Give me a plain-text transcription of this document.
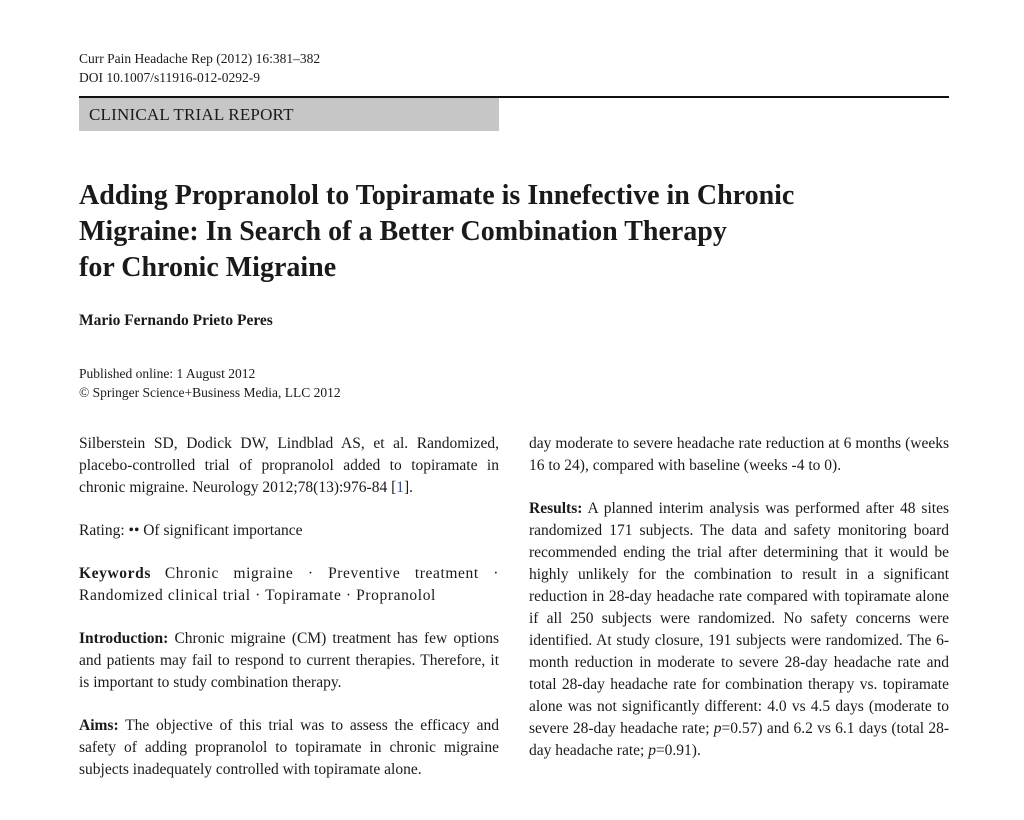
Curr Pain Headache Rep (2012) 16:381–382
DOI 10.1007/s11916-012-0292-9
CLINICAL TRIAL REPORT
Adding Propranolol to Topiramate is Innefective in Chronic
Migraine: In Search of a Better Combination Therapy
for Chronic Migraine
Mario Fernando Prieto Peres
Published online: 1 August 2012
© Springer Science+Business Media, LLC 2012

Silberstein SD, Dodick DW, Lindblad AS, et al. Randomized, placebo-controlled trial of propranolol added to topiramate in chronic migraine. Neurology 2012;78(13):976-84 [1].

Rating: •• Of significant importance

Keywords Chronic migraine · Preventive treatment · Randomized clinical trial · Topiramate · Propranolol

Introduction: Chronic migraine (CM) treatment has few options and patients may fail to respond to current therapies. Therefore, it is important to study combination therapy.

Aims: The objective of this trial was to assess the efficacy and safety of adding propranolol to topiramate in chronic migraine subjects inadequately controlled with topiramate alone.

day moderate to severe headache rate reduction at 6 months (weeks 16 to 24), compared with baseline (weeks -4 to 0).

Results: A planned interim analysis was performed after 48 sites randomized 171 subjects. The data and safety monitoring board recommended ending the trial after determining that it would be highly unlikely for the combination to result in a significant reduction in 28-day headache rate compared with topiramate alone if all 250 subjects were randomized. No safety concerns were identified. At study closure, 191 subjects were randomized. The 6-month reduction in moderate to severe 28-day headache rate and total 28-day headache rate for combination therapy vs. topiramate alone was not significantly different: 4.0 vs 4.5 days (moderate to severe 28-day headache rate; p=0.57) and 6.2 vs 6.1 days (total 28-day headache rate; p=0.91).
